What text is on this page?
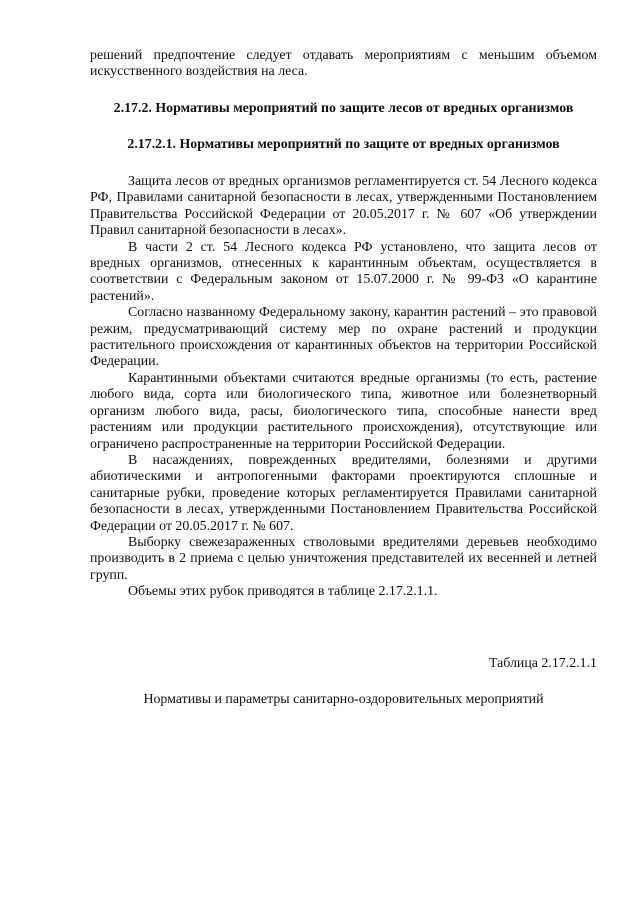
решений предпочтение следует отдавать мероприятиям с меньшим объемом искусственного воздействия на леса.

2.17.2. Нормативы мероприятий по защите лесов от вредных организмов

2.17.2.1. Нормативы мероприятий по защите от вредных организмов

Защита лесов от вредных организмов регламентируется ст. 54 Лесного кодекса РФ, Правилами санитарной безопасности в лесах, утвержденными Постановлением Правительства Российской Федерации от 20.05.2017 г. № 607 «Об утверждении Правил санитарной безопасности в лесах».

В части 2 ст. 54 Лесного кодекса РФ установлено, что защита лесов от вредных организмов, отнесенных к карантинным объектам, осуществляется в соответствии с Федеральным законом от 15.07.2000 г. № 99-ФЗ «О карантине растений».

Согласно названному Федеральному закону, карантин растений – это правовой режим, предусматривающий систему мер по охране растений и продукции растительного происхождения от карантинных объектов на территории Российской Федерации.

Карантинными объектами считаются вредные организмы (то есть, растение любого вида, сорта или биологического типа, животное или болезнетворный организм любого вида, расы, биологического типа, способные нанести вред растениям или продукции растительного происхождения), отсутствующие или ограничено распространенные на территории Российской Федерации.

В насаждениях, поврежденных вредителями, болезнями и другими абиотическими и антропогенными факторами проектируются сплошные и санитарные рубки, проведение которых регламентируется Правилами санитарной безопасности в лесах, утвержденными Постановлением Правительства Российской Федерации от 20.05.2017 г. № 607.

Выборку свежезараженных стволовыми вредителями деревьев необходимо производить в 2 приема с целью уничтожения представителей их весенней и летней групп.

Объемы этих рубок приводятся в таблице 2.17.2.1.1.

Таблица 2.17.2.1.1

Нормативы и параметры санитарно-оздоровительных мероприятий
